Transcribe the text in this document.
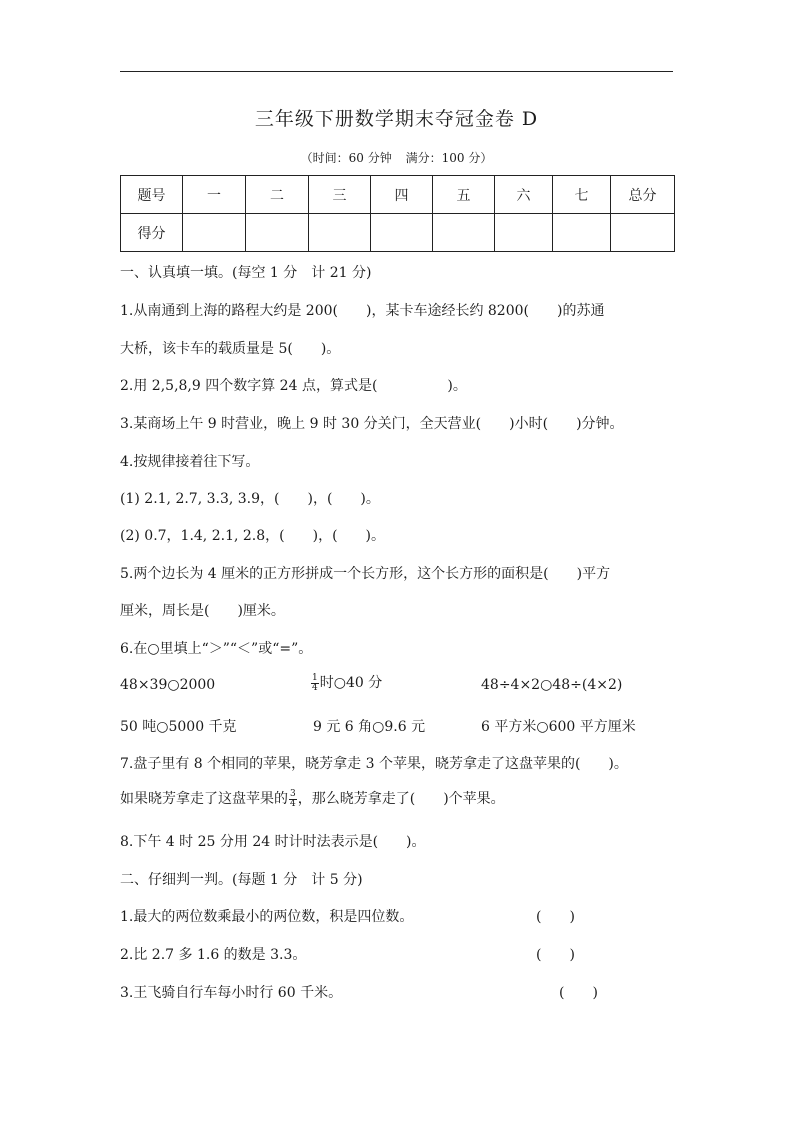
三年级下册数学期末夺冠金卷 D
（时间：60 分钟 满分：100 分）
题号	一	二	三	四	五	六	七	总分
得分								
一、认真填一填。(每空 1 分　计 21 分)
1.从南通到上海的路程大约是 200(　　)，某卡车途经长约 8200(　　)的苏通
大桥，该卡车的载质量是 5(　　)。
2.用 2,5,8,9 四个数字算 24 点，算式是(　　　　　)。
3.某商场上午 9 时营业，晚上 9 时 30 分关门，全天营业(　　)小时(　　)分钟。
4.按规律接着往下写。
(1) 2.1, 2.7, 3.3, 3.9，(　　)，(　　)。
(2) 0.7，1.4, 2.1, 2.8，(　　)，(　　)。
5.两个边长为 4 厘米的正方形拼成一个长方形，这个长方形的面积是(　　)平方
厘米，周长是(　　)厘米。
6.在○里填上“＞”“＜”或“=”。
48×39○2000	$\frac{1}{4}$ 时○40 分	48÷4×2○48÷(4×2)
50 吨○5000 千克	9 元 6 角○9.6 元	6 平方米○600 平方厘米
7.盘子里有 8 个相同的苹果，晓芳拿走 3 个苹果，晓芳拿走了这盘苹果的(　　)。
如果晓芳拿走了这盘苹果的 $\frac{3}{4}$ ，那么晓芳拿走了(　　)个苹果。
8.下午 4 时 25 分用 24 时计时法表示是(　　)。
二、仔细判一判。(每题 1 分　计 5 分)
1.最大的两位数乘最小的两位数，积是四位数。	(　　)
2.比 2.7 多 1.6 的数是 3.3。	(　　)
3.王飞骑自行车每小时行 60 千米。	(　　)
